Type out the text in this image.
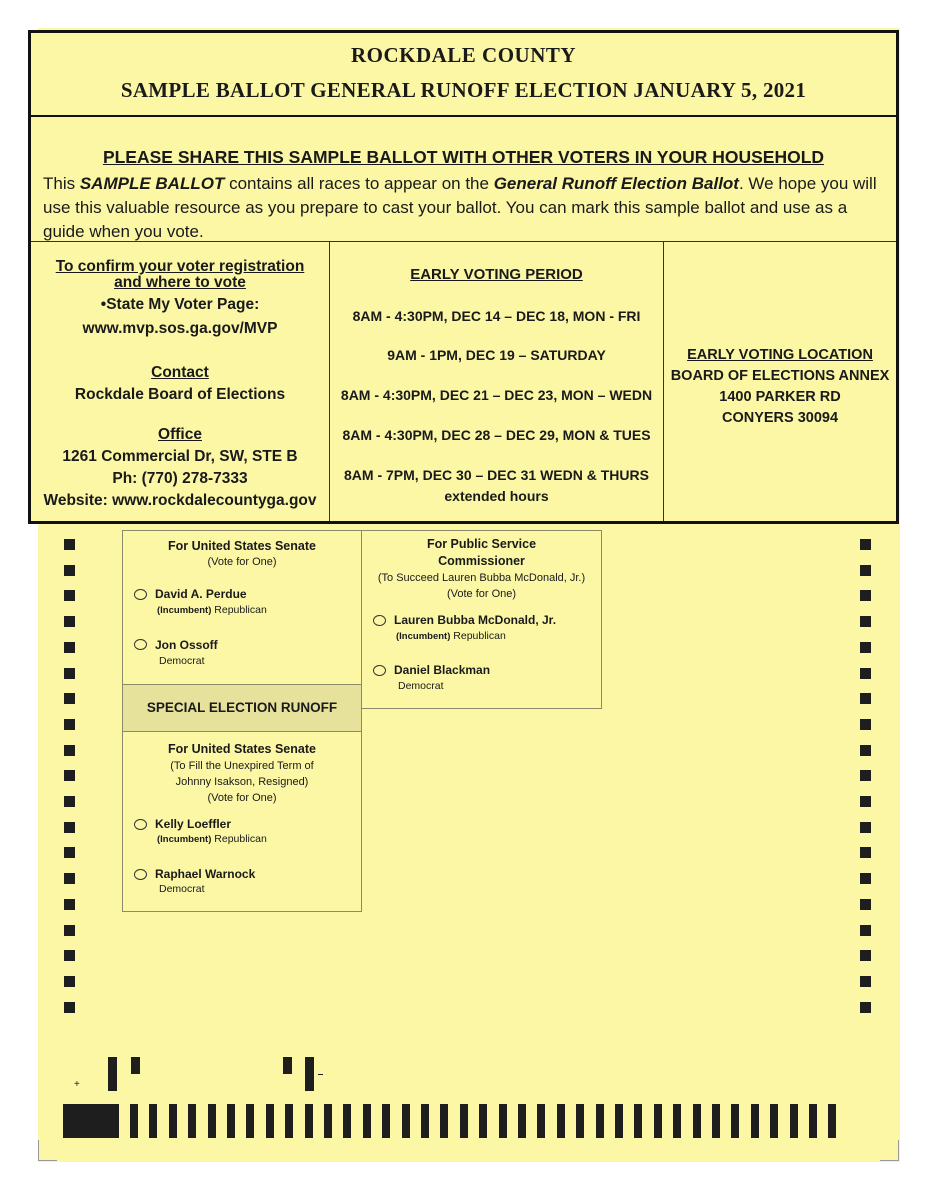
ROCKDALE COUNTY
SAMPLE BALLOT GENERAL RUNOFF ELECTION JANUARY 5, 2021
PLEASE SHARE THIS SAMPLE BALLOT WITH OTHER VOTERS IN YOUR HOUSEHOLD
This SAMPLE BALLOT contains all races to appear on the General Runoff Election Ballot. We hope you will use this valuable resource as you prepare to cast your ballot. You can mark this sample ballot and use as a guide when you vote.
To confirm your voter registration
and where to vote
•State My Voter Page:
www.mvp.sos.ga.gov/MVP
Contact
Rockdale Board of Elections
Office
1261 Commercial Dr, SW, STE B
Ph: (770) 278-7333
Website: www.rockdalecountyga.gov
EARLY VOTING PERIOD
8AM - 4:30PM, DEC 14 – DEC 18, MON - FRI
9AM - 1PM, DEC 19 – SATURDAY
8AM - 4:30PM, DEC 21 – DEC 23, MON – WEDN
8AM - 4:30PM, DEC 28 – DEC 29, MON & TUES
8AM - 7PM, DEC 30 – DEC 31 WEDN & THURS
extended hours
EARLY VOTING LOCATION
BOARD OF ELECTIONS ANNEX
1400 PARKER RD
CONYERS 30094
For United States Senate
(Vote for One)
David A. Perdue
(Incumbent) Republican
Jon Ossoff
Democrat
SPECIAL ELECTION RUNOFF
For United States Senate
(To Fill the Unexpired Term of
Johnny Isakson, Resigned)
(Vote for One)
Kelly Loeffler
(Incumbent) Republican
Raphael Warnock
Democrat
For Public Service
Commissioner
(To Succeed Lauren Bubba McDonald, Jr.)
(Vote for One)
Lauren Bubba McDonald, Jr.
(Incumbent) Republican
Daniel Blackman
Democrat
+
